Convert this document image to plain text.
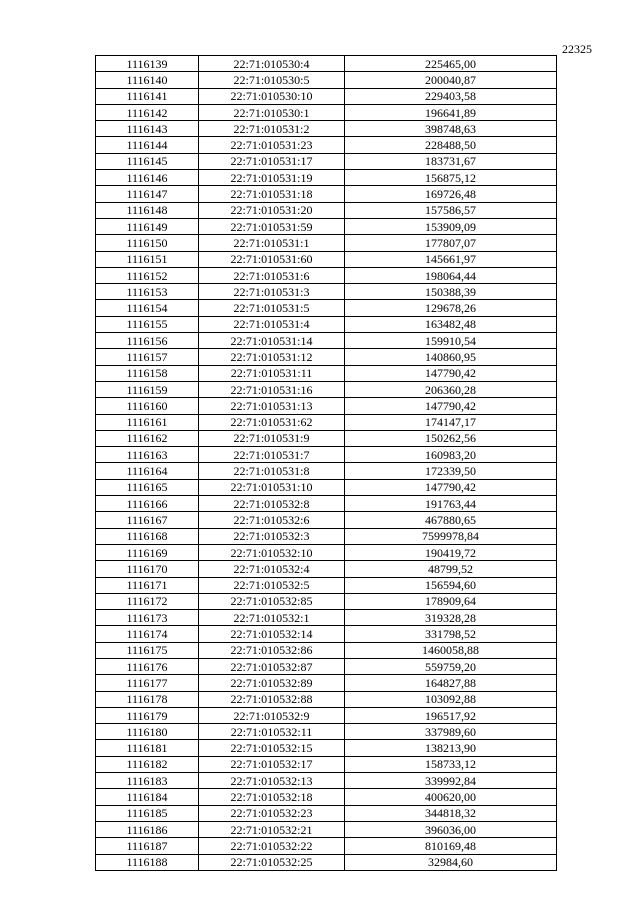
22325
1116139	22:71:010530:4	225465,00
1116140	22:71:010530:5	200040,87
1116141	22:71:010530:10	229403,58
1116142	22:71:010530:1	196641,89
1116143	22:71:010531:2	398748,63
1116144	22:71:010531:23	228488,50
1116145	22:71:010531:17	183731,67
1116146	22:71:010531:19	156875,12
1116147	22:71:010531:18	169726,48
1116148	22:71:010531:20	157586,57
1116149	22:71:010531:59	153909,09
1116150	22:71:010531:1	177807,07
1116151	22:71:010531:60	145661,97
1116152	22:71:010531:6	198064,44
1116153	22:71:010531:3	150388,39
1116154	22:71:010531:5	129678,26
1116155	22:71:010531:4	163482,48
1116156	22:71:010531:14	159910,54
1116157	22:71:010531:12	140860,95
1116158	22:71:010531:11	147790,42
1116159	22:71:010531:16	206360,28
1116160	22:71:010531:13	147790,42
1116161	22:71:010531:62	174147,17
1116162	22:71:010531:9	150262,56
1116163	22:71:010531:7	160983,20
1116164	22:71:010531:8	172339,50
1116165	22:71:010531:10	147790,42
1116166	22:71:010532:8	191763,44
1116167	22:71:010532:6	467880,65
1116168	22:71:010532:3	7599978,84
1116169	22:71:010532:10	190419,72
1116170	22:71:010532:4	48799,52
1116171	22:71:010532:5	156594,60
1116172	22:71:010532:85	178909,64
1116173	22:71:010532:1	319328,28
1116174	22:71:010532:14	331798,52
1116175	22:71:010532:86	1460058,88
1116176	22:71:010532:87	559759,20
1116177	22:71:010532:89	164827,88
1116178	22:71:010532:88	103092,88
1116179	22:71:010532:9	196517,92
1116180	22:71:010532:11	337989,60
1116181	22:71:010532:15	138213,90
1116182	22:71:010532:17	158733,12
1116183	22:71:010532:13	339992,84
1116184	22:71:010532:18	400620,00
1116185	22:71:010532:23	344818,32
1116186	22:71:010532:21	396036,00
1116187	22:71:010532:22	810169,48
1116188	22:71:010532:25	32984,60
